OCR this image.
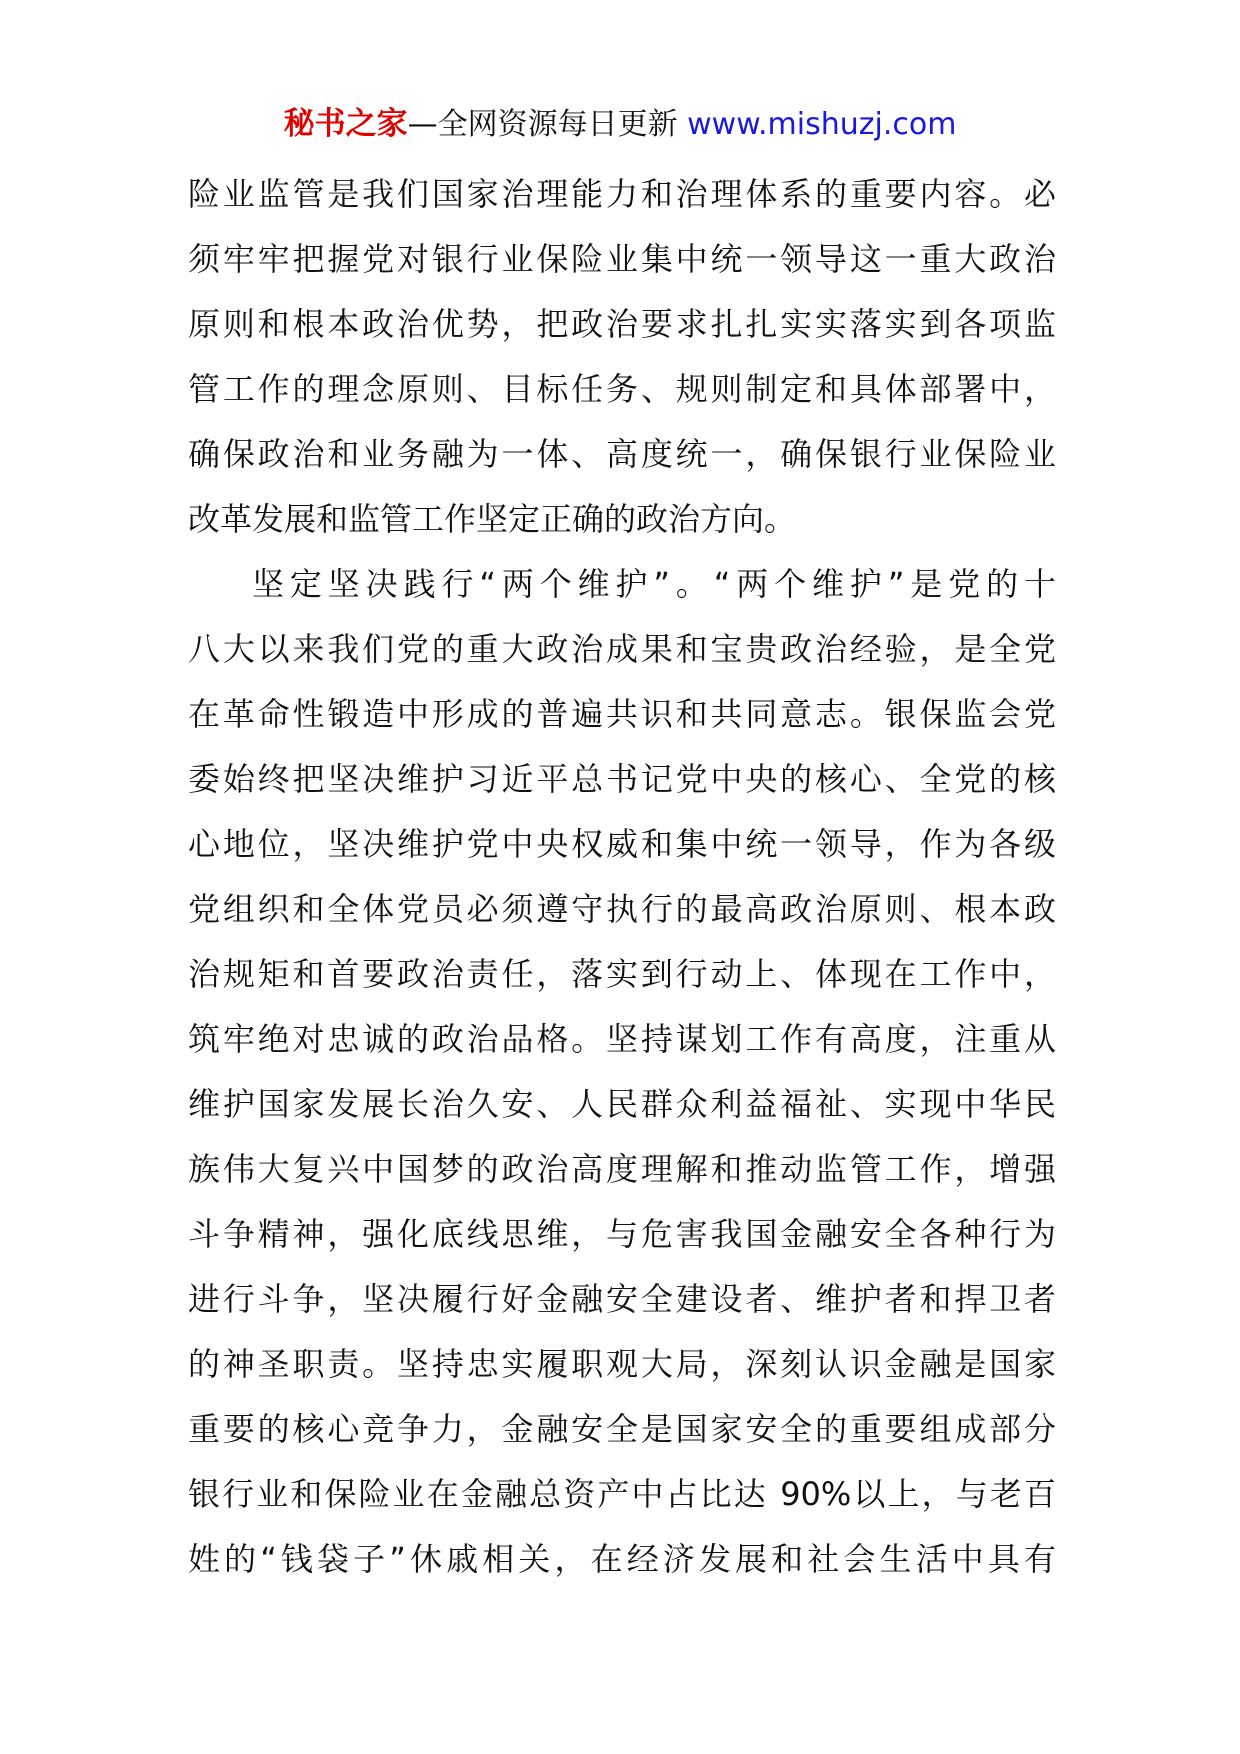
秘书之家—全网资源每日更新 www.mishuzj.com
险业监管是我们国家治理能力和治理体系的重要内容。必
须牢牢把握党对银行业保险业集中统一领导这一重大政治
原则和根本政治优势，把政治要求扎扎实实落实到各项监
管工作的理念原则、目标任务、规则制定和具体部署中，
确保政治和业务融为一体、高度统一，确保银行业保险业
改革发展和监管工作坚定正确的政治方向。
坚定坚决践行“两个维护”。“两个维护”是党的十
八大以来我们党的重大政治成果和宝贵政治经验，是全党
在革命性锻造中形成的普遍共识和共同意志。银保监会党
委始终把坚决维护习近平总书记党中央的核心、全党的核
心地位，坚决维护党中央权威和集中统一领导，作为各级
党组织和全体党员必须遵守执行的最高政治原则、根本政
治规矩和首要政治责任，落实到行动上、体现在工作中，
筑牢绝对忠诚的政治品格。坚持谋划工作有高度，注重从
维护国家发展长治久安、人民群众利益福祉、实现中华民
族伟大复兴中国梦的政治高度理解和推动监管工作，增强
斗争精神，强化底线思维，与危害我国金融安全各种行为
进行斗争，坚决履行好金融安全建设者、维护者和捍卫者
的神圣职责。坚持忠实履职观大局，深刻认识金融是国家
重要的核心竞争力，金融安全是国家安全的重要组成部分
银行业和保险业在金融总资产中占比达 90%以上，与老百
姓的“钱袋子”休戚相关，在经济发展和社会生活中具有
